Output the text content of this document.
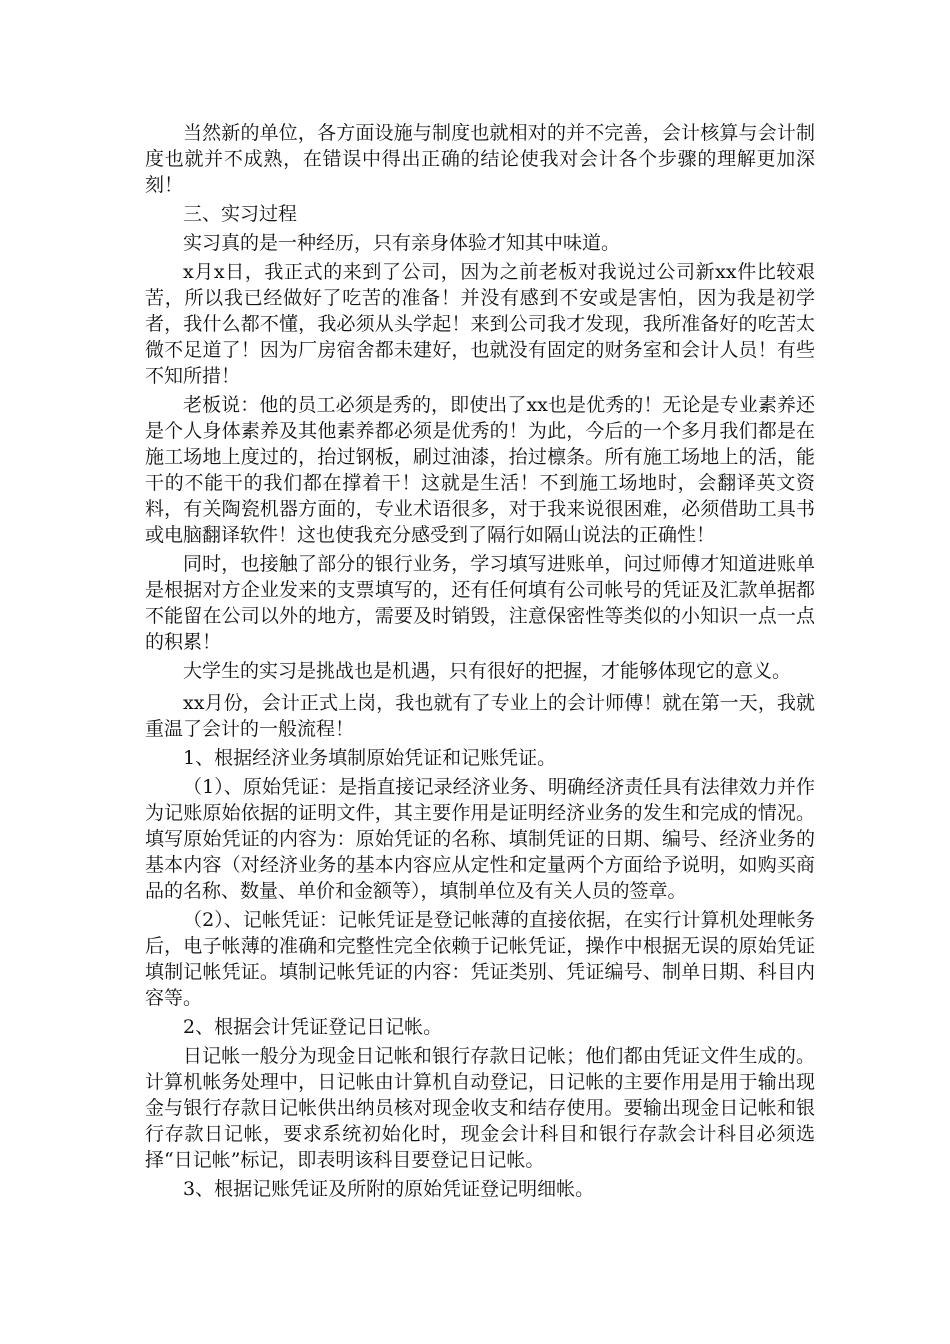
当然新的单位，各方面设施与制度也就相对的并不完善，会计核算与会计制度也就并不成熟，在错误中得出正确的结论使我对会计各个步骤的理解更加深刻！

三、实习过程

实习真的是一种经历，只有亲身体验才知其中味道。

x月x日，我正式的来到了公司，因为之前老板对我说过公司新xx件比较艰苦，所以我已经做好了吃苦的准备！并没有感到不安或是害怕，因为我是初学者，我什么都不懂，我必须从头学起！来到公司我才发现，我所准备好的吃苦太微不足道了！因为厂房宿舍都未建好，也就没有固定的财务室和会计人员！有些不知所措！

老板说：他的员工必须是秀的，即使出了xx也是优秀的！无论是专业素养还是个人身体素养及其他素养都必须是优秀的！为此，今后的一个多月我们都是在施工场地上度过的，抬过钢板，刷过油漆，抬过檩条。所有施工场地上的活，能干的不能干的我们都在撑着干！这就是生活！不到施工场地时，会翻译英文资料，有关陶瓷机器方面的，专业术语很多，对于我来说很困难，必须借助工具书或电脑翻译软件！这也使我充分感受到了隔行如隔山说法的正确性！

同时，也接触了部分的银行业务，学习填写进账单，问过师傅才知道进账单是根据对方企业发来的支票填写的，还有任何填有公司帐号的凭证及汇款单据都不能留在公司以外的地方，需要及时销毁，注意保密性等类似的小知识一点一点的积累！

大学生的实习是挑战也是机遇，只有很好的把握，才能够体现它的意义。

xx月份，会计正式上岗，我也就有了专业上的会计师傅！就在第一天，我就重温了会计的一般流程！

1、根据经济业务填制原始凭证和记账凭证。

（1）、原始凭证：是指直接记录经济业务、明确经济责任具有法律效力并作为记账原始依据的证明文件，其主要作用是证明经济业务的发生和完成的情况。填写原始凭证的内容为：原始凭证的名称、填制凭证的日期、编号、经济业务的基本内容（对经济业务的基本内容应从定性和定量两个方面给予说明，如购买商品的名称、数量、单价和金额等），填制单位及有关人员的签章。

（2）、记帐凭证：记帐凭证是登记帐薄的直接依据，在实行计算机处理帐务后，电子帐薄的准确和完整性完全依赖于记帐凭证，操作中根据无误的原始凭证填制记帐凭证。填制记帐凭证的内容：凭证类别、凭证编号、制单日期、科目内容等。

2、根据会计凭证登记日记帐。

日记帐一般分为现金日记帐和银行存款日记帐；他们都由凭证文件生成的。计算机帐务处理中，日记帐由计算机自动登记，日记帐的主要作用是用于输出现金与银行存款日记帐供出纳员核对现金收支和结存使用。要输出现金日记帐和银行存款日记帐，要求系统初始化时，现金会计科目和银行存款会计科目必须选择“日记帐”标记，即表明该科目要登记日记帐。

3、根据记账凭证及所附的原始凭证登记明细帐。
